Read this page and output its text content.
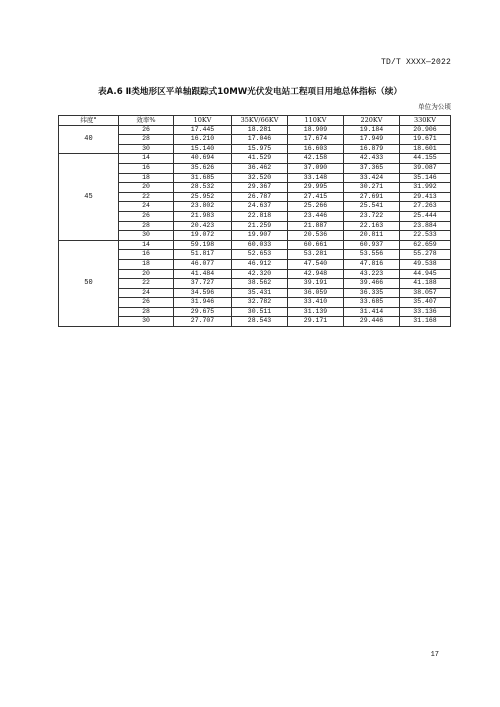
TD/T XXXX—2022
表A.6 Ⅱ类地形区平单轴跟踪式10MW光伏发电站工程项目用地总体指标（续）
单位为公顷
纬度°	效率%	10KV	35KV/66KV	110KV	220KV	330KV
40	26	17.445	18.281	18.909	19.184	20.906
	28	16.210	17.046	17.674	17.949	19.671
	30	15.140	15.975	16.603	16.879	18.601
45	14	40.694	41.529	42.158	42.433	44.155
	16	35.626	36.462	37.090	37.365	39.087
	18	31.685	32.520	33.148	33.424	35.146
	20	28.532	29.367	29.995	30.271	31.992
	22	25.952	26.787	27.415	27.691	29.413
	24	23.802	24.637	25.266	25.541	27.263
	26	21.983	22.818	23.446	23.722	25.444
	28	20.423	21.259	21.887	22.163	23.884
	30	19.072	19.907	20.536	20.811	22.533
50	14	59.198	60.033	60.661	60.937	62.659
	16	51.817	52.653	53.281	53.556	55.278
	18	46.077	46.912	47.540	47.816	49.538
	20	41.484	42.320	42.948	43.223	44.945
	22	37.727	38.562	39.191	39.466	41.188
	24	34.596	35.431	36.059	36.335	38.057
	26	31.946	32.782	33.410	33.685	35.407
	28	29.675	30.511	31.139	31.414	33.136
	30	27.707	28.543	29.171	29.446	31.168
17
